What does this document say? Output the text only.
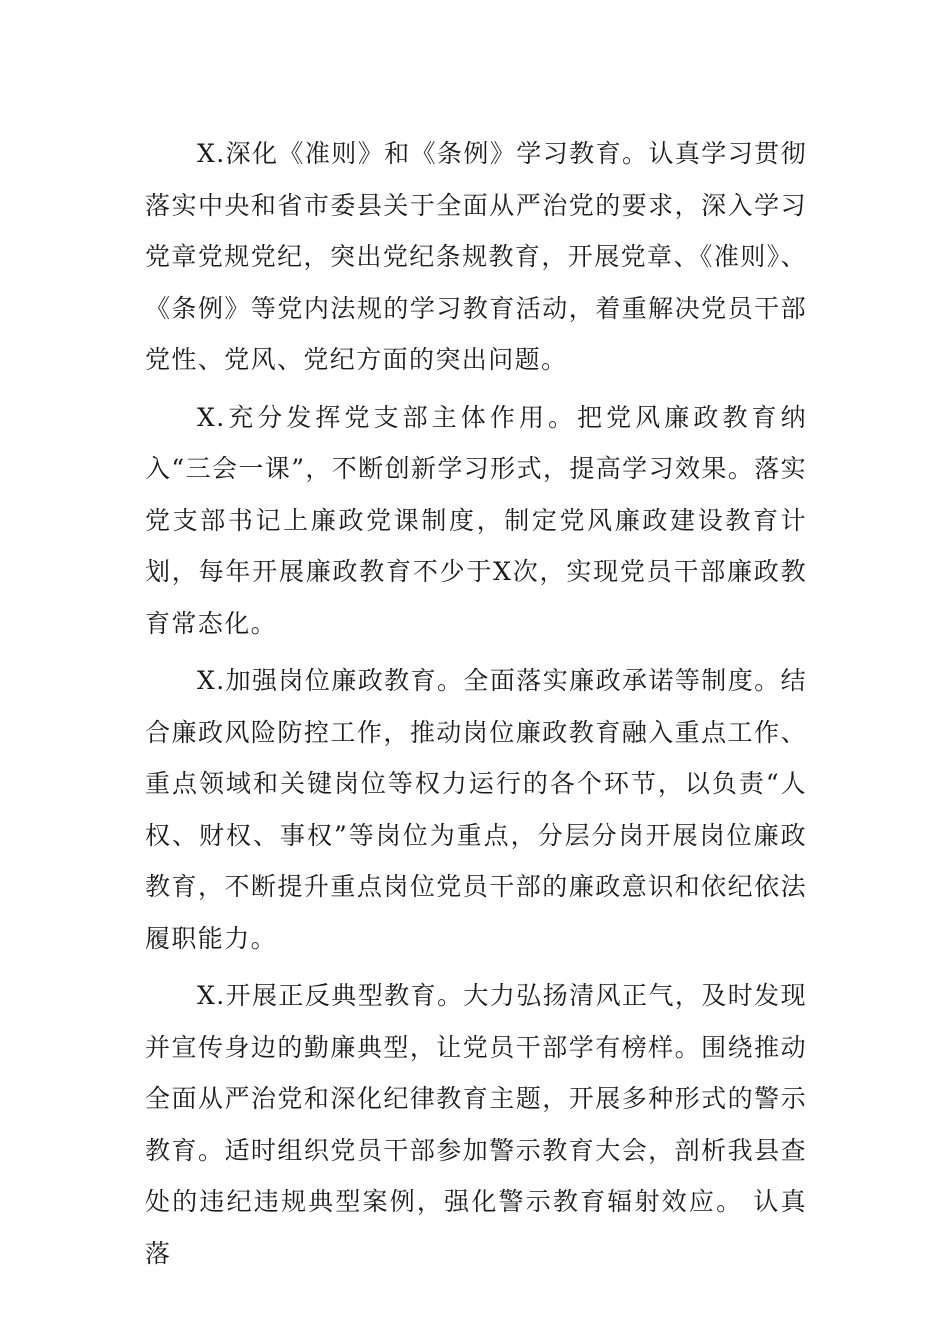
X.深化《准则》和《条例》学习教育。认真学习贯彻落实中央和省市委县关于全面从严治党的要求，深入学习党章党规党纪，突出党纪条规教育，开展党章、《准则》、《条例》等党内法规的学习教育活动，着重解决党员干部党性、党风、党纪方面的突出问题。

X.充分发挥党支部主体作用。把党风廉政教育纳入“三会一课”，不断创新学习形式，提高学习效果。落实党支部书记上廉政党课制度，制定党风廉政建设教育计划，每年开展廉政教育不少于X次，实现党员干部廉政教育常态化。

X.加强岗位廉政教育。全面落实廉政承诺等制度。结合廉政风险防控工作，推动岗位廉政教育融入重点工作、重点领域和关键岗位等权力运行的各个环节，以负责“人权、财权、事权”等岗位为重点，分层分岗开展岗位廉政教育，不断提升重点岗位党员干部的廉政意识和依纪依法履职能力。

X.开展正反典型教育。大力弘扬清风正气，及时发现并宣传身边的勤廉典型，让党员干部学有榜样。围绕推动全面从严治党和深化纪律教育主题，开展多种形式的警示教育。适时组织党员干部参加警示教育大会，剖析我县查处的违纪违规典型案例，强化警示教育辐射效应。 认真落
